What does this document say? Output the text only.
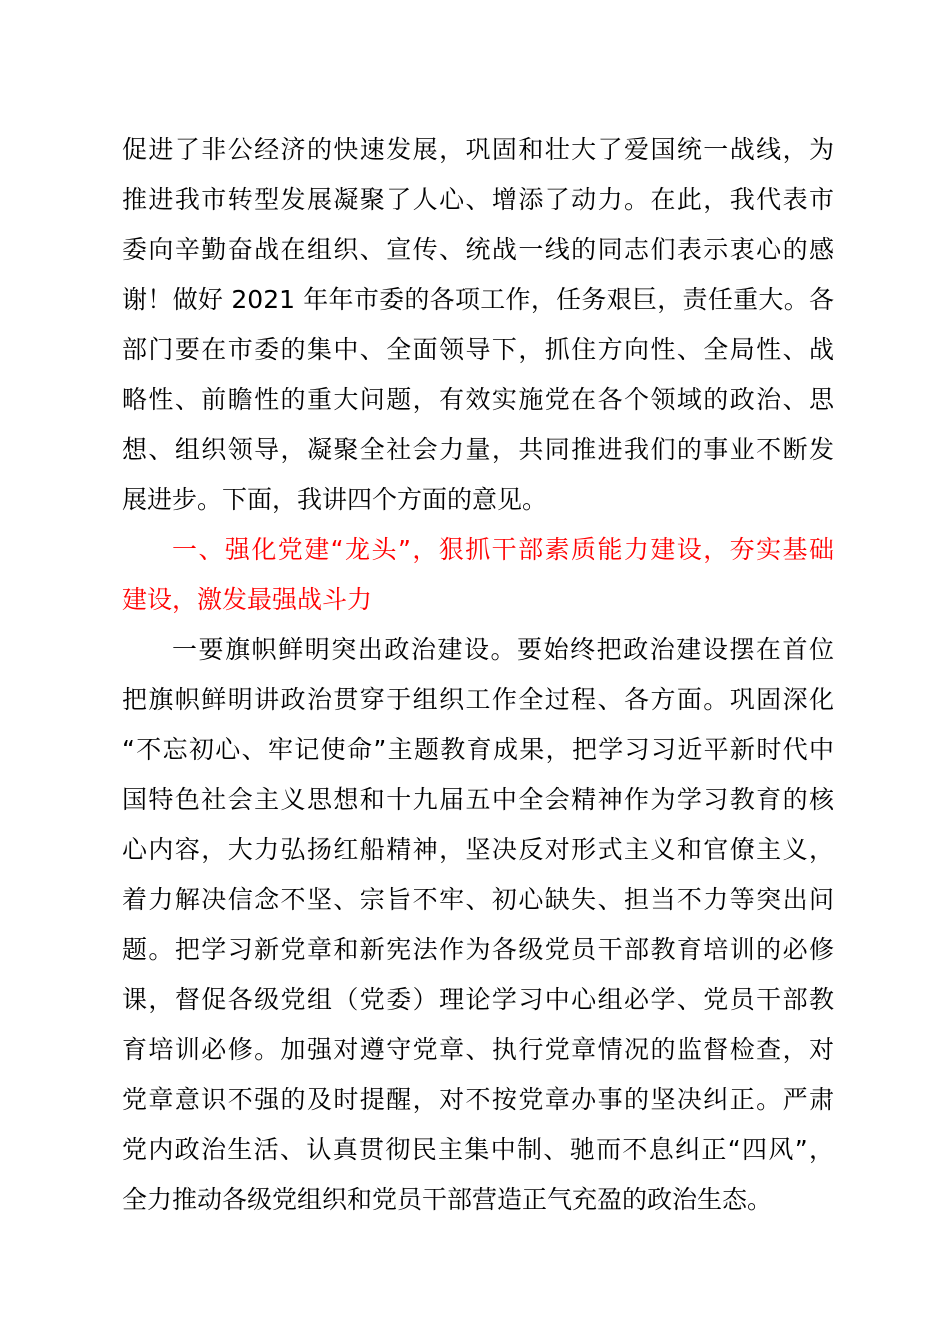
促进了非公经济的快速发展，巩固和壮大了爱国统一战线，为
推进我市转型发展凝聚了人心、增添了动力。在此，我代表市
委向辛勤奋战在组织、宣传、统战一线的同志们表示衷心的感
谢！做好 2021 年年市委的各项工作，任务艰巨，责任重大。各
部门要在市委的集中、全面领导下，抓住方向性、全局性、战
略性、前瞻性的重大问题，有效实施党在各个领域的政治、思
想、组织领导，凝聚全社会力量，共同推进我们的事业不断发
展进步。下面，我讲四个方面的意见。
一、强化党建“龙头”，狠抓干部素质能力建设，夯实基础
建设，激发最强战斗力
一要旗帜鲜明突出政治建设。要始终把政治建设摆在首位
把旗帜鲜明讲政治贯穿于组织工作全过程、各方面。巩固深化
“不忘初心、牢记使命”主题教育成果，把学习习近平新时代中
国特色社会主义思想和十九届五中全会精神作为学习教育的核
心内容，大力弘扬红船精神，坚决反对形式主义和官僚主义，
着力解决信念不坚、宗旨不牢、初心缺失、担当不力等突出问
题。把学习新党章和新宪法作为各级党员干部教育培训的必修
课，督促各级党组（党委）理论学习中心组必学、党员干部教
育培训必修。加强对遵守党章、执行党章情况的监督检查，对
党章意识不强的及时提醒，对不按党章办事的坚决纠正。严肃
党内政治生活、认真贯彻民主集中制、驰而不息纠正“四风”，
全力推动各级党组织和党员干部营造正气充盈的政治生态。
